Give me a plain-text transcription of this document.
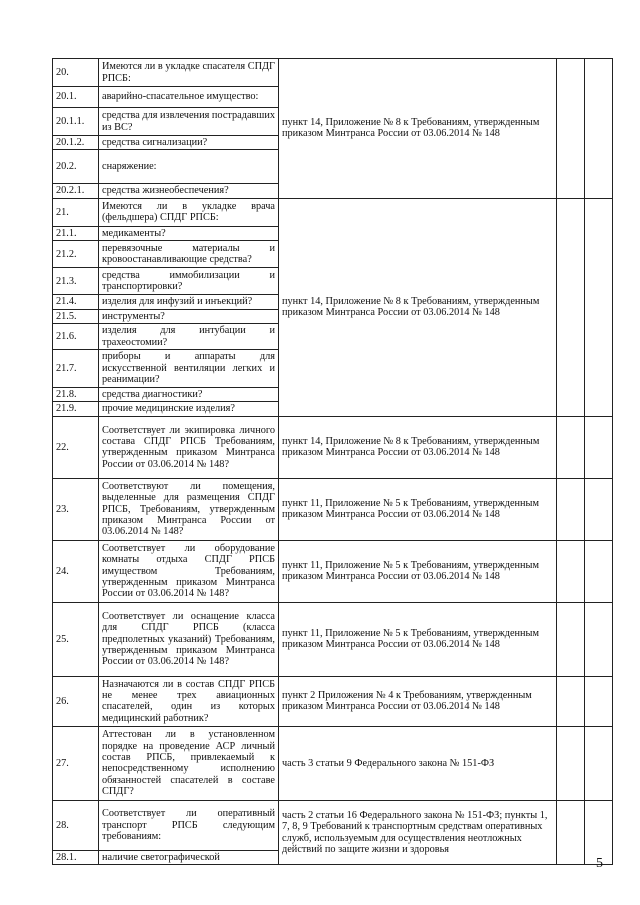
20.	Имеются ли в укладке спасателя СПДГ РПСБ:	пункт 14, Приложение № 8 к Требованиям, утвержденным приказом Минтранса России от 03.06.2014 № 148		
20.1.	аварийно-спасательное имущество:			
20.1.1.	средства для извлечения пострадавших из ВС?			
20.1.2.	средства сигнализации?			
20.2.	снаряжение:			
20.2.1.	средства жизнеобеспечения?			
21.	Имеются ли в укладке врача (фельдшера) СПДГ РПСБ:	пункт 14, Приложение № 8 к Требованиям, утвержденным приказом Минтранса России от 03.06.2014 № 148		
21.1.	медикаменты?			
21.2.	перевязочные материалы и кровоостанавливающие средства?			
21.3.	средства иммобилизации и транспортировки?			
21.4.	изделия для инфузий и инъекций?			
21.5.	инструменты?			
21.6.	изделия для интубации и трахеостомии?			
21.7.	приборы и аппараты для искусственной вентиляции легких и реанимации?			
21.8.	средства диагностики?			
21.9.	прочие медицинские изделия?			
22.	Соответствует ли экипировка личного состава СПДГ РПСБ Требованиям, утвержденным приказом Минтранса России от 03.06.2014 № 148?	пункт 14, Приложение № 8 к Требованиям, утвержденным приказом Минтранса России от 03.06.2014 № 148		
23.	Соответствуют ли помещения, выделенные для размещения СПДГ РПСБ, Требованиям, утвержденным приказом Минтранса России от 03.06.2014 № 148?	пункт 11, Приложение № 5 к Требованиям, утвержденным приказом Минтранса России от 03.06.2014 № 148		
24.	Соответствует ли оборудование комнаты отдыха СПДГ РПСБ имуществом Требованиям, утвержденным приказом Минтранса России от 03.06.2014 № 148?	пункт 11, Приложение № 5 к Требованиям, утвержденным приказом Минтранса России от 03.06.2014 № 148		
25.	Соответствует ли оснащение класса для СПДГ РПСБ (класса предполетных указаний) Требованиям, утвержденным приказом Минтранса России от 03.06.2014 № 148?	пункт 11, Приложение № 5 к Требованиям, утвержденным приказом Минтранса России от 03.06.2014 № 148		
26.	Назначаются ли в состав СПДГ РПСБ не менее трех авиационных спасателей, один из которых медицинский работник?	пункт 2 Приложения № 4 к Требованиям, утвержденным приказом Минтранса России от 03.06.2014 № 148		
27.	Аттестован ли в установленном порядке на проведение АСР личный состав РПСБ, привлекаемый к непосредственному исполнению обязанностей спасателей в составе СПДГ?	часть 3 статьи 9 Федерального закона № 151-ФЗ		
28.	Соответствует ли оперативный транспорт РПСБ следующим требованиям:	часть 2 статьи 16 Федерального закона № 151-ФЗ; пункты 1, 7, 8, 9 Требований к транспортным средствам оперативных служб, используемым для осуществления неотложных действий по защите жизни и здоровья		
28.1.	наличие светографической				5
